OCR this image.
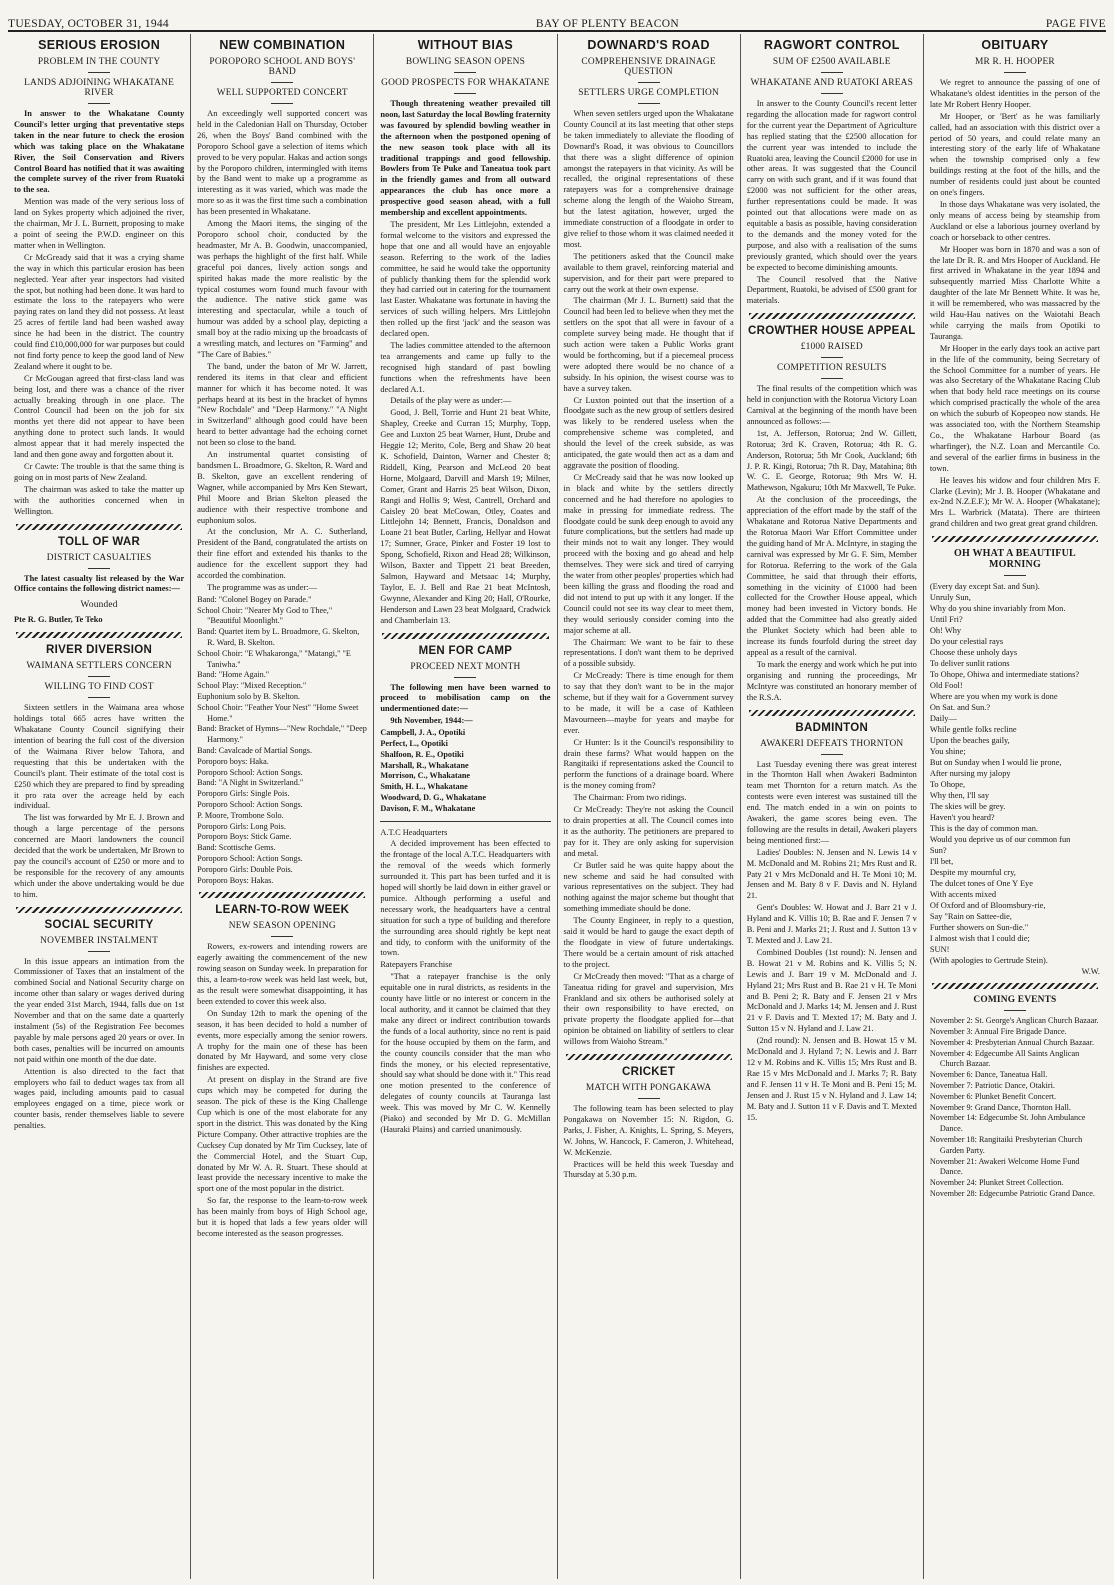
TUESDAY, OCTOBER 31, 1944	BAY OF PLENTY BEACON	PAGE FIVE
SERIOUS EROSION
PROBLEM IN THE COUNTY
LANDS ADJOINING WHAKATANE RIVER

In answer to the Whakatane County Council's letter urging that preventative steps taken in the near future to check the erosion which was taking place on the Whakatane River, the Soil Conservation and Rivers Control Board has notified that it was awaiting the complete survey of the river from Ruatoki to the sea.

Mention was made of the very serious loss of land on Sykes property which adjoined the river, the chairman, Mr J. L. Burnett, proposing to make a point of seeing the P.W.D. engineer on this matter when in Wellington.

Cr McGready said that it was a crying shame the way in which this particular erosion has been neglected. Year after year inspectors had visited the spot, but nothing had been done. It was hard to estimate the loss to the ratepayers who were paying rates on land they did not possess. At least 25 acres of fertile land had been washed away since he had been in the district. The country could find £10,000,000 for war purposes but could not find forty pence to keep the good land of New Zealand where it ought to be.

Cr McGougan agreed that first-class land was being lost, and there was a chance of the river actually breaking through in one place. The Control Council had been on the job for six months yet there did not appear to have been anything done to protect such lands. It would almost appear that it had merely inspected the land and then gone away and forgotten about it.

Cr Cawte: The trouble is that the same thing is going on in most parts of New Zealand.

The chairman was asked to take the matter up with the authorities concerned when in Wellington.

TOLL OF WAR
DISTRICT CASUALTIES

The latest casualty list released by the War Office contains the following district names:—

Wounded

Pte R. G. Butler, Te Teko

RIVER DIVERSION
WAIMANA SETTLERS CONCERN
WILLING TO FIND COST

Sixteen settlers in the Waimana area whose holdings total 665 acres have written the Whakatane County Council signifying their intention of bearing the full cost of the diversion of the Waimana River below Tahora, and requesting that this be undertaken with the Council's plant. Their estimate of the total cost is £250 which they are prepared to find by spreading it pro rata over the acreage held by each individual.

The list was forwarded by Mr E. J. Brown and though a large percentage of the persons concerned are Maori landowners the council decided that the work be undertaken, Mr Brown to pay the council's account of £250 or more and to be responsible for the recovery of any amounts which under the above undertaking would be due to him.

SOCIAL SECURITY
NOVEMBER INSTALMENT

In this issue appears an intimation from the Commissioner of Taxes that an instalment of the combined Social and National Security charge on income other than salary or wages derived during the year ended 31st March, 1944, falls due on 1st November and that on the same date a quarterly instalment (5s) of the Registration Fee becomes payable by male persons aged 20 years or over. In both cases, penalties will be incurred on amounts not paid within one month of the due date.

Attention is also directed to the fact that employers who fail to deduct wages tax from all wages paid, including amounts paid to casual employees engaged on a time, piece work or counter basis, render themselves liable to severe penalties.

NEW COMBINATION
POROPORO SCHOOL AND BOYS' BAND
WELL SUPPORTED CONCERT

An exceedingly well supported concert was held in the Caledonian Hall on Thursday, October 26, when the Boys' Band combined with the Poroporo School gave a selection of items which proved to be very popular. Hakas and action songs by the Poroporo children, intermingled with items by the Band went to make up a programme as interesting as it was varied, which was made the more so as it was the first time such a combination has been presented in Whakatane.

Among the Maori items, the singing of the Poroporo school choir, conducted by the headmaster, Mr A. B. Goodwin, unaccompanied, was perhaps the highlight of the first half. While graceful poi dances, lively action songs and spirited hakas made the more realistic by the typical costumes worn found much favour with the audience. The native stick game was interesting and spectacular, while a touch of humour was added by a school play, depicting a small boy at the radio mixing up the broadcasts of a wrestling match, and lectures on "Farming" and "The Care of Babies."

The band, under the baton of Mr W. Jarrett, rendered its items in that clear and efficient manner for which it has become noted. It was perhaps heard at its best in the bracket of hymns "New Rochdale" and "Deep Harmony." "A Night in Switzerland" although good could have been heard to better advantage had the echoing cornet not been so close to the band.

An instrumental quartet consisting of bandsmen L. Broadmore, G. Skelton, R. Ward and B. Skelton, gave an excellent rendering of Wagner, while accompanied by Mrs Ken Stewart, Phil Moore and Brian Skelton pleased the audience with their respective trombone and euphonium solos.

At the conclusion, Mr A. C. Sutherland, President of the Band, congratulated the artists on their fine effort and extended his thanks to the audience for the excellent support they had accorded the combination.

The programme was as under:—

Band: "Colonel Bogey on Parade."
School Choir: "Nearer My God to Thee," "Beautiful Moonlight."
Band: Quartet item by L. Broadmore, G. Skelton, R. Ward, B. Skelton.
School Choir: "E Whakaronga," "Matangi," "E Taniwha."
Band: "Home Again."
School Play: "Mixed Reception."
Euphonium solo by B. Skelton.
School Choir: "Feather Your Nest" "Home Sweet Home."
Band: Bracket of Hymns—"New Rochdale," "Deep Harmony."
Band: Cavalcade of Martial Songs.
Poroporo boys: Haka.
Poroporo School: Action Songs.
Band: "A Night in Switzerland."
Poroporo Girls: Single Pois.
Poroporo School: Action Songs.
P. Moore, Trombone Solo.
Poroporo Girls: Long Pois.
Poroporo Boys: Stick Game.
Band: Scottische Gems.
Poroporo School: Action Songs.
Poroporo Girls: Double Pois.
Poroporo Boys: Hakas.
LEARN-TO-ROW WEEK
NEW SEASON OPENING

Rowers, ex-rowers and intending rowers are eagerly awaiting the commencement of the new rowing season on Sunday week. In preparation for this, a learn-to-row week was held last week, but, as the result were somewhat disappointing, it has been extended to cover this week also.

On Sunday 12th to mark the opening of the season, it has been decided to hold a number of events, more especially among the senior rowers. A trophy for the main one of these has been donated by Mr Hayward, and some very close finishes are expected.

At present on display in the Strand are five cups which may be competed for during the season. The pick of these is the King Challenge Cup which is one of the most elaborate for any sport in the district. This was donated by the King Picture Company. Other attractive trophies are the Cucksey Cup donated by Mr Tim Cucksey, late of the Commercial Hotel, and the Stuart Cup, donated by Mr W. A. R. Stuart. These should at least provide the necessary incentive to make the sport one of the most popular in the district.

So far, the response to the learn-to-row week has been mainly from boys of High School age, but it is hoped that lads a few years older will become interested as the season progresses.

WITHOUT BIAS
BOWLING SEASON OPENS
GOOD PROSPECTS FOR WHAKATANE

Though threatening weather prevailed till noon, last Saturday the local Bowling fraternity was favoured by splendid bowling weather in the afternoon when the postponed opening of the new season took place with all its traditional trappings and good fellowship. Bowlers from Te Puke and Taneatua took part in the friendly games and from all outward appearances the club has once more a prospective good season ahead, with a full membership and excellent appointments.

The president, Mr Les Littlejohn, extended a formal welcome to the visitors and expressed the hope that one and all would have an enjoyable season. Referring to the work of the ladies committee, he said he would take the opportunity of publicly thanking them for the splendid work they had carried out in catering for the tournament last Easter. Whakatane was fortunate in having the services of such willing helpers. Mrs Littlejohn then rolled up the first 'jack' and the season was declared open.

The ladies committee attended to the afternoon tea arrangements and came up fully to the recognised high standard of past bowling functions when the refreshments have been declared A.1.

Details of the play were as under:—

Good, J. Bell, Torrie and Hunt 21 beat White, Shapley, Creeke and Curran 15; Murphy, Topp, Gee and Luxton 25 beat Warner, Hunt, Drube and Heggie 12; Merito, Cole, Berg and Shaw 20 beat K. Schofield, Dainton, Warner and Chester 8; Riddell, King, Pearson and McLeod 20 beat Horne, Molgaard, Darvill and Marsh 19; Milner, Comer, Grant and Harris 25 beat Wilson, Dixon, Rangi and Hollis 9; West, Cantrell, Orchard and Caisley 20 beat McCowan, Otley, Coates and Littlejohn 14; Bennett, Francis, Donaldson and Loane 21 beat Butler, Carling, Hellyar and Howat 17; Sumner, Grace, Pinker and Foster 19 lost to Spong, Schofield, Rixon and Head 28; Wilkinson, Wilson, Baxter and Tippett 21 beat Breeden, Salmon, Hayward and Metsaac 14; Murphy, Taylor, E. J. Bell and Rae 21 beat McIntosh, Gwynne, Alexander and King 20; Hall, O'Rourke, Henderson and Lawn 23 beat Molgaard, Cradwick and Chamberlain 13.

MEN FOR CAMP
PROCEED NEXT MONTH

The following men have been warned to proceed to mobilisation camp on the undermentioned date:—

9th November, 1944:—

Campbell, J. A., Opotiki
Perfect, L., Opotiki
Shalfoon, R. E., Opotiki
Marshall, R., Whakatane
Morrison, C., Whakatane
Smith, H. L., Whakatane
Woodward, D. G., Whakatane
Davison, F. M., Whakatane

A.T.C Headquarters

A decided improvement has been effected to the frontage of the local A.T.C. Headquarters with the removal of the weeds which formerly surrounded it. This part has been turfed and it is hoped will shortly be laid down in either gravel or pumice. Although performing a useful and necessary work, the headquarters have a central situation for such a type of building and therefore the surrounding area should rightly be kept neat and tidy, to conform with the uniformity of the town.

Ratepayers Franchise

"That a ratepayer franchise is the only equitable one in rural districts, as residents in the county have little or no interest or concern in the local authority, and it cannot be claimed that they make any direct or indirect contribution towards the funds of a local authority, since no rent is paid for the house occupied by them on the farm, and the county councils consider that the man who finds the money, or his elected representative, should say what should be done with it." This read one motion presented to the conference of delegates of county councils at Tauranga last week. This was moved by Mr C. W. Kennelly (Piako) and seconded by Mr D. G. McMillan (Hauraki Plains) and carried unanimously.

DOWNARD'S ROAD
COMPREHENSIVE DRAINAGE QUESTION
SETTLERS URGE COMPLETION

When seven settlers urged upon the Whakatane County Council at its last meeting that other steps be taken immediately to alleviate the flooding of Downard's Road, it was obvious to Councillors that there was a slight difference of opinion amongst the ratepayers in that vicinity. As will be recalled, the original representations of these ratepayers was for a comprehensive drainage scheme along the length of the Waioho Stream, but the latest agitation, however, urged the immediate construction of a floodgate in order to give relief to those whom it was claimed needed it most.

The petitioners asked that the Council make available to them gravel, reinforcing material and supervision, and for their part were prepared to carry out the work at their own expense.

The chairman (Mr J. L. Burnett) said that the Council had been led to believe when they met the settlers on the spot that all were in favour of a complete survey being made. He thought that if such action were taken a Public Works grant would be forthcoming, but if a piecemeal process were adopted there would be no chance of a subsidy. In his opinion, the wisest course was to have a survey taken.

Cr Luxton pointed out that the insertion of a floodgate such as the new group of settlers desired was likely to be rendered useless when the comprehensive scheme was completed, and should the level of the creek subside, as was anticipated, the gate would then act as a dam and aggravate the position of flooding.

Cr McCready said that he was now looked up in black and white by the settlers directly concerned and he had therefore no apologies to make in pressing for immediate redress. The floodgate could be sunk deep enough to avoid any future complications, but the settlers had made up their minds not to wait any longer. They would proceed with the boxing and go ahead and help themselves. They were sick and tired of carrying the water from other peoples' properties which had been killing the grass and flooding the road and did not intend to put up with it any longer. If the Council could not see its way clear to meet them, they would seriously consider coming into the major scheme at all.

The Chairman: We want to be fair to these representations. I don't want them to be deprived of a possible subsidy.

Cr McCready: There is time enough for them to say that they don't want to be in the major scheme, but if they wait for a Government survey to be made, it will be a case of Kathleen Mavourneen—maybe for years and maybe for ever.

Cr Hunter: Is it the Council's responsibility to drain these farms? What would happen on the Rangitaiki if representations asked the Council to perform the functions of a drainage board. Where is the money coming from?

The Chairman: From two ridings.

Cr McCready: They're not asking the Council to drain properties at all. The Council comes into it as the authority. The petitioners are prepared to pay for it. They are only asking for supervision and metal.

Cr Butler said he was quite happy about the new scheme and said he had consulted with various representatives on the subject. They had nothing against the major scheme but thought that something immediate should be done.

The County Engineer, in reply to a question, said it would be hard to gauge the exact depth of the floodgate in view of future undertakings. There would be a certain amount of risk attached to the project.

Cr McCready then moved: "That as a charge of Taneatua riding for gravel and supervision, Mrs Frankland and six others be authorised solely at their own responsibility to have erected, on private property the floodgate applied for—that opinion be obtained on liability of settlers to clear willows from Waioho Stream."

CRICKET
MATCH WITH PONGAKAWA

The following team has been selected to play Pongakawa on November 15: N. Rigdon, G. Parks, J. Fisher, A. Knights, L. Spring, S. Meyers, W. Johns, W. Hancock, F. Cameron, J. Whitehead, W. McKenzie.

Practices will be held this week Tuesday and Thursday at 5.30 p.m.

RAGWORT CONTROL
SUM OF £2500 AVAILABLE
WHAKATANE AND RUATOKI AREAS

In answer to the County Council's recent letter regarding the allocation made for ragwort control for the current year the Department of Agriculture has replied stating that the £2500 allocation for the current year was intended to include the Ruatoki area, leaving the Council £2000 for use in other areas. It was suggested that the Council carry on with such grant, and if it was found that £2000 was not sufficient for the other areas, further representations could be made. It was pointed out that allocations were made on as equitable a basis as possible, having consideration to the demands and the money voted for the purpose, and also with a realisation of the sums previously granted, which should over the years be expected to become diminishing amounts.

The Council resolved that the Native Department, Ruatoki, be advised of £500 grant for materials.

CROWTHER HOUSE APPEAL
£1000 RAISED
COMPETITION RESULTS

The final results of the competition which was held in conjunction with the Rotorua Victory Loan Carnival at the beginning of the month have been announced as follows:—

1st, A. Jefferson, Rotorua; 2nd W. Gillett, Rotorua; 3rd K. Craven, Rotorua; 4th R. G. Anderson, Rotorua; 5th Mr Cook, Auckland; 6th J. P. R. Kingi, Rotorua; 7th R. Day, Matahina; 8th W. C. E. George, Rotorua; 9th Mrs W. H. Mathewson, Ngakuru; 10th Mr Maxwell, Te Puke.

At the conclusion of the proceedings, the appreciation of the effort made by the staff of the Whakatane and Rotorua Native Departments and the Rotorua Maori War Effort Committee under the guiding hand of Mr A. McIntyre, in staging the carnival was expressed by Mr G. F. Sim, Member for Rotorua. Referring to the work of the Gala Committee, he said that through their efforts, something in the vicinity of £1000 had been collected for the Crowther House appeal, which money had been invested in Victory bonds. He added that the Committee had also greatly aided the Plunket Society which had been able to increase its funds fourfold during the street day appeal as a result of the carnival.

To mark the energy and work which he put into organising and running the proceedings, Mr McIntyre was constituted an honorary member of the R.S.A.

BADMINTON
AWAKERI DEFEATS THORNTON

Last Tuesday evening there was great interest in the Thornton Hall when Awakeri Badminton team met Thornton for a return match. As the contests were even interest was sustained till the end. The match ended in a win on points to Awakeri, the game scores being even. The following are the results in detail, Awakeri players being mentioned first:—

Ladies' Doubles: N. Jensen and N. Lewis 14 v M. McDonald and M. Robins 21; Mrs Rust and R. Paty 21 v Mrs McDonald and H. Te Moni 10; M. Jensen and M. Baty 8 v F. Davis and N. Hyland 21.

Gent's Doubles: W. Howat and J. Barr 21 v J. Hyland and K. Villis 10; B. Rae and F. Jensen 7 v B. Peni and J. Marks 21; J. Rust and J. Sutton 13 v T. Mexted and J. Law 21.

Combined Doubles (1st round): N. Jensen and B. Howat 21 v M. Robins and K. Villis 5; N. Lewis and J. Barr 19 v M. McDonald and J. Hyland 21; Mrs Rust and B. Rae 21 v H. Te Moni and B. Peni 2; R. Baty and F. Jensen 21 v Mrs McDonald and J. Marks 14; M. Jensen and J. Rust 21 v F. Davis and T. Mexted 17; M. Baty and J. Sutton 15 v N. Hyland and J. Law 21.

(2nd round): N. Jensen and B. Howat 15 v M. McDonald and J. Hyland 7; N. Lewis and J. Barr 12 v M. Robins and K. Villis 15; Mrs Rust and B. Rae 15 v Mrs McDonald and J. Marks 7; R. Baty and F. Jensen 11 v H. Te Moni and B. Peni 15; M. Jensen and J. Rust 15 v N. Hyland and J. Law 14; M. Baty and J. Sutton 11 v F. Davis and T. Mexted 15.

OBITUARY
MR R. H. HOOPER

We regret to announce the passing of one of Whakatane's oldest identities in the person of the late Mr Robert Henry Hooper.

Mr Hooper, or 'Bert' as he was familiarly called, had an association with this district over a period of 50 years, and could relate many an interesting story of the early life of Whakatane when the township comprised only a few buildings resting at the foot of the hills, and the number of residents could just about be counted on one's fingers.

In those days Whakatane was very isolated, the only means of access being by steamship from Auckland or else a laborious journey overland by coach or horseback to other centres.

Mr Hooper was born in 1870 and was a son of the late Dr R. R. and Mrs Hooper of Auckland. He first arrived in Whakatane in the year 1894 and subsequently married Miss Charlotte White a daughter of the late Mr Bennett White. It was he, it will be remembered, who was massacred by the wild Hau-Hau natives on the Waiotahi Beach while carrying the mails from Opotiki to Tauranga.

Mr Hooper in the early days took an active part in the life of the community, being Secretary of the School Committee for a number of years. He was also Secretary of the Whakatane Racing Club when that body held race meetings on its course which comprised practically the whole of the area on which the suburb of Kopeopeo now stands. He was associated too, with the Northern Steamship Co., the Whakatane Harbour Board (as wharfinger), the N.Z. Loan and Mercantile Co. and several of the earlier firms in business in the town.

He leaves his widow and four children Mrs F. Clarke (Levin); Mr J. B. Hooper (Whakatane and ex-2nd N.Z.E.F.); Mr W. A. Hooper (Whakatane); Mrs L. Warbrick (Matata). There are thirteen grand children and two great great grand children.

OH WHAT A BEAUTIFUL MORNING
(Every day except Sat. and Sun).
Unruly Sun,
Why do you shine invariably from Mon.
Until Fri?
Oh! Why
Do your celestial rays
Choose these unholy days
To deliver sunlit rations
To Ohope, Ohiwa and intermediate stations?
Old Fool!
Where are you when my work is done
On Sat. and Sun.?
Daily—
While gentle folks recline
Upon the beaches gaily,
You shine;
But on Sunday when I would lie prone,
After nursing my jalopy
To Ohope,
Why then, I'll say
The skies will be grey.
Haven't you heard?
This is the day of common man.
Would you deprive us of our common fun
Sun?
I'll bet,
Despite my mournful cry,
The dulcet tones of One Y Eye
With accents mixed
Of Oxford and of Bloomsbury-rie,
Say "Rain on Sattee-die,
Further showers on Sun-die."
I almost wish that I could die;
SUN!
(With apologies to Gertrude Stein).
W.W.
COMING EVENTS
November 2: St. George's Anglican Church Bazaar.
November 3: Annual Fire Brigade Dance.
November 4: Presbyterian Annual Church Bazaar.
November 4: Edgecumbe All Saints Anglican Church Bazaar.
November 6: Dance, Taneatua Hall.
November 7: Patriotic Dance, Otakiri.
November 6: Plunket Benefit Concert.
November 9: Grand Dance, Thornton Hall.
November 14: Edgecumbe St. John Ambulance Dance.
November 18: Rangitaiki Presbyterian Church Garden Party.
November 21: Awakeri Welcome Home Fund Dance.
November 24: Plunket Street Collection.
November 28: Edgecumbe Patriotic Grand Dance.
